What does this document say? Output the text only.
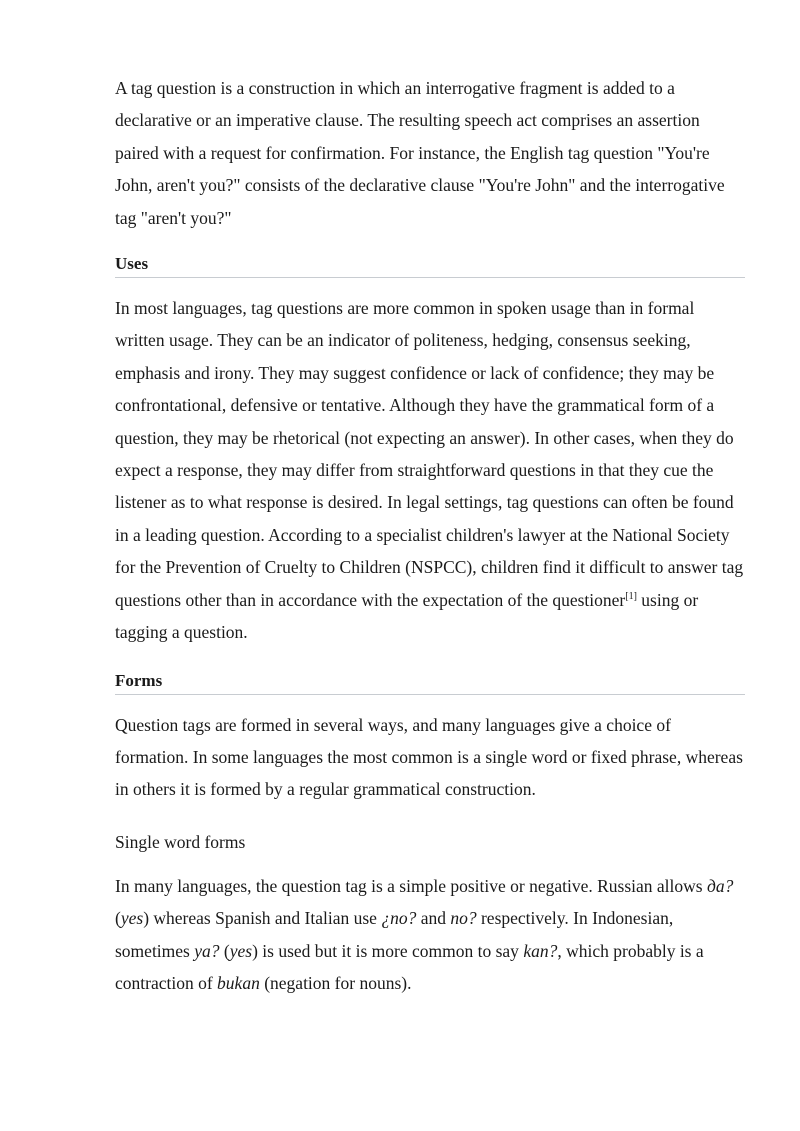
A tag question is a construction in which an interrogative fragment is added to a declarative or an imperative clause. The resulting speech act comprises an assertion paired with a request for confirmation. For instance, the English tag question "You're John, aren't you?" consists of the declarative clause "You're John" and the interrogative tag "aren't you?"

Uses

In most languages, tag questions are more common in spoken usage than in formal written usage. They can be an indicator of politeness, hedging, consensus seeking, emphasis and irony. They may suggest confidence or lack of confidence; they may be confrontational, defensive or tentative. Although they have the grammatical form of a question, they may be rhetorical (not expecting an answer). In other cases, when they do expect a response, they may differ from straightforward questions in that they cue the listener as to what response is desired. In legal settings, tag questions can often be found in a leading question. According to a specialist children's lawyer at the National Society for the Prevention of Cruelty to Children (NSPCC), children find it difficult to answer tag questions other than in accordance with the expectation of the questioner[1] using or tagging a question.

Forms

Question tags are formed in several ways, and many languages give a choice of formation. In some languages the most common is a single word or fixed phrase, whereas in others it is formed by a regular grammatical construction.

Single word forms

In many languages, the question tag is a simple positive or negative. Russian allows да? (yes) whereas Spanish and Italian use ¿no? and no? respectively. In Indonesian, sometimes ya? (yes) is used but it is more common to say kan?, which probably is a contraction of bukan (negation for nouns).
